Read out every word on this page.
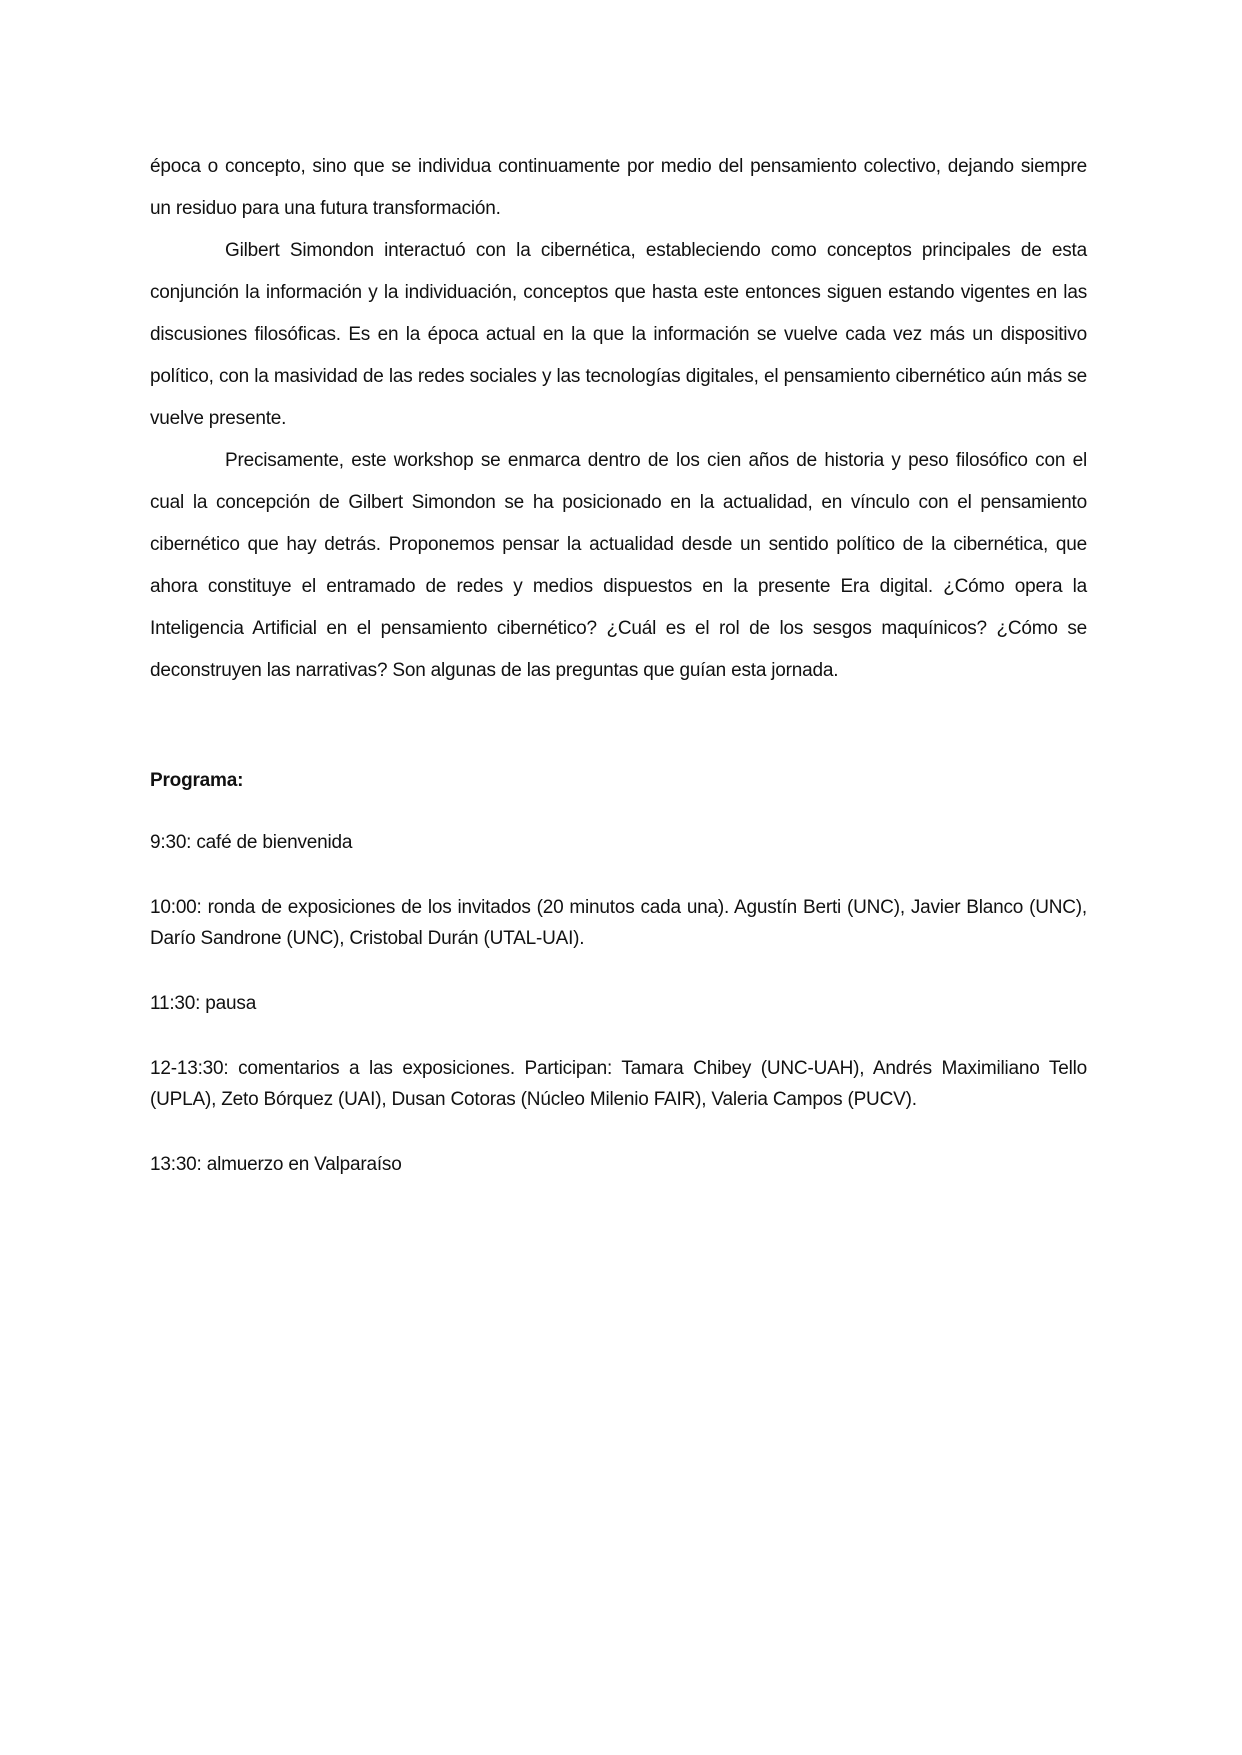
época o concepto, sino que se individua continuamente por medio del pensamiento colectivo, dejando siempre un residuo para una futura transformación.

Gilbert Simondon interactuó con la cibernética, estableciendo como conceptos principales de esta conjunción la información y la individuación, conceptos que hasta este entonces siguen estando vigentes en las discusiones filosóficas. Es en la época actual en la que la información se vuelve cada vez más un dispositivo político, con la masividad de las redes sociales y las tecnologías digitales, el pensamiento cibernético aún más se vuelve presente.

Precisamente, este workshop se enmarca dentro de los cien años de historia y peso filosófico con el cual la concepción de Gilbert Simondon se ha posicionado en la actualidad, en vínculo con el pensamiento cibernético que hay detrás. Proponemos pensar la actualidad desde un sentido político de la cibernética, que ahora constituye el entramado de redes y medios dispuestos en la presente Era digital. ¿Cómo opera la Inteligencia Artificial en el pensamiento cibernético? ¿Cuál es el rol de los sesgos maquínicos? ¿Cómo se deconstruyen las narrativas? Son algunas de las preguntas que guían esta jornada.

Programa:

9:30: café de bienvenida

10:00: ronda de exposiciones de los invitados (20 minutos cada una). Agustín Berti (UNC), Javier Blanco (UNC), Darío Sandrone (UNC), Cristobal Durán (UTAL-UAI).

11:30: pausa

12-13:30: comentarios a las exposiciones. Participan: Tamara Chibey (UNC-UAH), Andrés Maximiliano Tello (UPLA), Zeto Bórquez (UAI), Dusan Cotoras (Núcleo Milenio FAIR), Valeria Campos (PUCV).

13:30: almuerzo en Valparaíso
